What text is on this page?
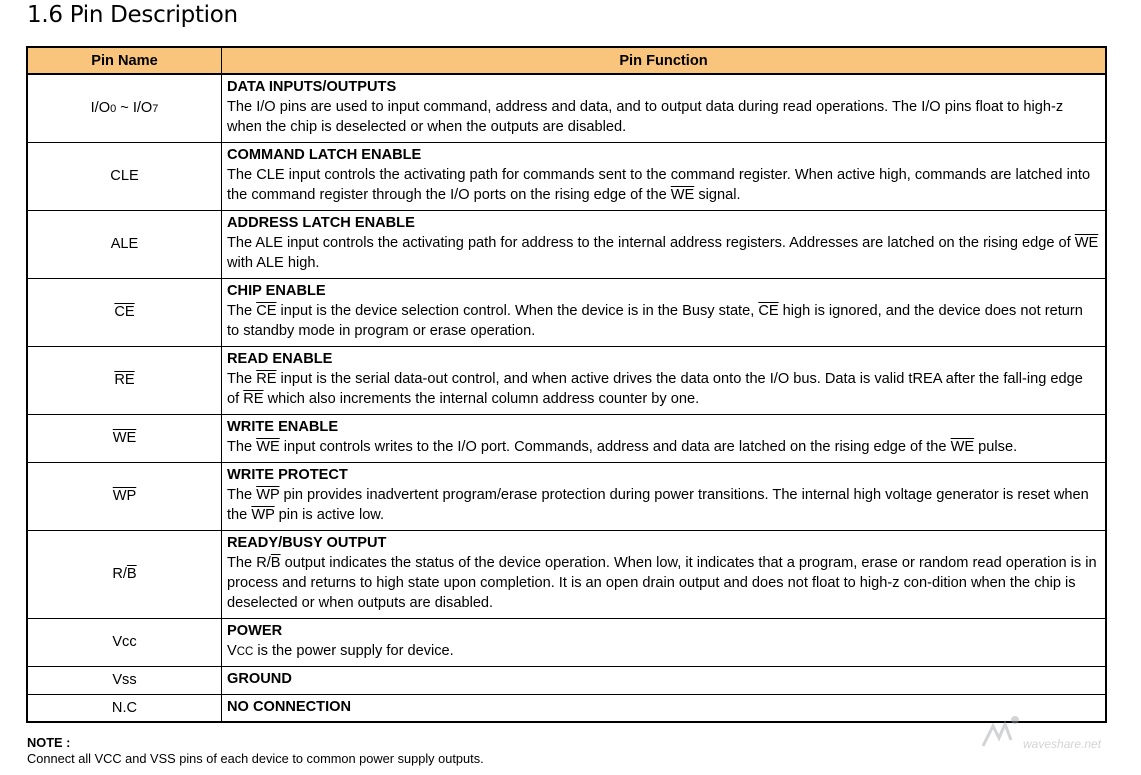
1.6 Pin Description
Pin Name	Pin Function
I/O0 ~ I/O7	DATA INPUTS/OUTPUTS
The I/O pins are used to input command, address and data, and to output data during read operations. The I/O pins float to high-z when the chip is deselected or when the outputs are disabled.

CLE	COMMAND LATCH ENABLE
The CLE input controls the activating path for commands sent to the command register. When active high, commands are latched into the command register through the I/O ports on the rising edge of the $\overline{WE}$ signal.

ALE	ADDRESS LATCH ENABLE
The ALE input controls the activating path for address to the internal address registers. Addresses are latched on the rising edge of $\overline{WE}$ with ALE high.

$\overline{CE}$	CHIP ENABLE
The $\overline{CE}$ input is the device selection control. When the device is in the Busy state, $\overline{CE}$ high is ignored, and the device does not return to standby mode in program or erase operation.

$\overline{RE}$	READ ENABLE
The $\overline{RE}$ input is the serial data-out control, and when active drives the data onto the I/O bus. Data is valid tREA after the fall-ing edge of $\overline{RE}$ which also increments the internal column address counter by one.

$\overline{WE}$	WRITE ENABLE
The $\overline{WE}$ input controls writes to the I/O port. Commands, address and data are latched on the rising edge of the $\overline{WE}$ pulse.

$\overline{WP}$	WRITE PROTECT
The $\overline{WP}$ pin provides inadvertent program/erase protection during power transitions. The internal high voltage generator is reset when the $\overline{WP}$ pin is active low.

$R/\overline{B}$	READY/BUSY OUTPUT
The $R/\overline{B}$ output indicates the status of the device operation. When low, it indicates that a program, erase or random read operation is in process and returns to high state upon completion. It is an open drain output and does not float to high-z con-dition when the chip is deselected or when outputs are disabled.

Vcc	POWER
VCC is the power supply for device.

Vss	GROUND

N.C	NO CONNECTION
NOTE :
Connect all VCC and VSS pins of each device to common power supply outputs.
waveshare.net
